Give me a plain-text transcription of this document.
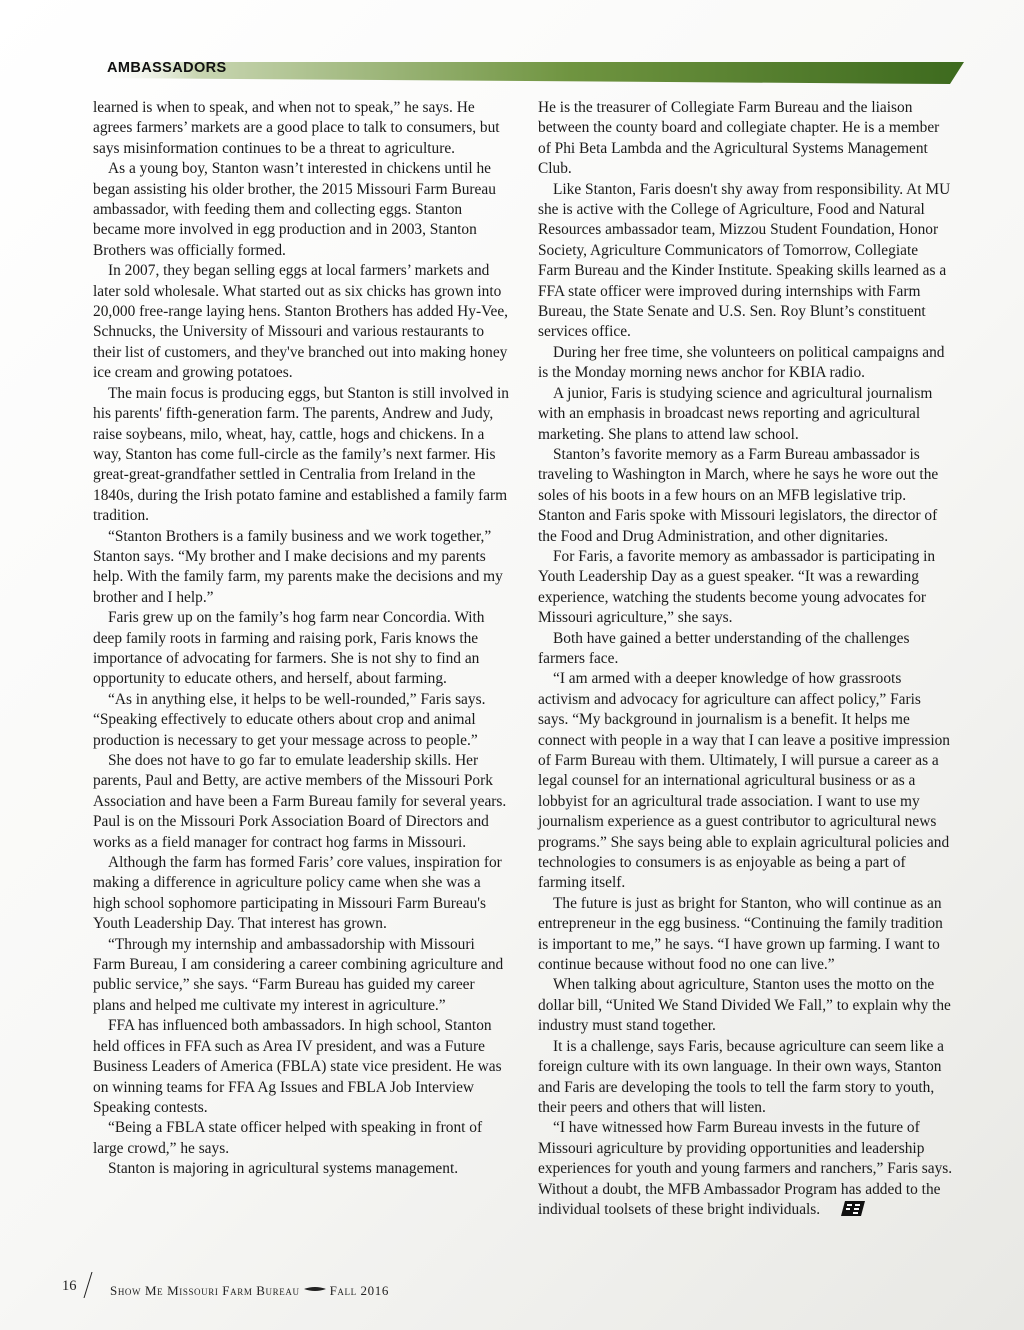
AMBASSADORS

learned is when to speak, and when not to speak,” he says. He agrees farmers’ markets are a good place to talk to consumers, but says misinformation continues to be a threat to agriculture.

As a young boy, Stanton wasn’t interested in chickens until he began assisting his older brother, the 2015 Missouri Farm Bureau ambassador, with feeding them and collecting eggs. Stanton became more involved in egg production and in 2003, Stanton Brothers was officially formed.

In 2007, they began selling eggs at local farmers’ markets and later sold wholesale. What started out as six chicks has grown into 20,000 free-range laying hens. Stanton Brothers has added Hy-Vee, Schnucks, the University of Missouri and various restaurants to their list of customers, and they've branched out into making honey ice cream and growing potatoes.

The main focus is producing eggs, but Stanton is still involved in his parents' fifth-generation farm. The parents, Andrew and Judy, raise soybeans, milo, wheat, hay, cattle, hogs and chickens. In a way, Stanton has come full-circle as the family’s next farmer. His great-great-grandfather settled in Centralia from Ireland in the 1840s, during the Irish potato famine and established a family farm tradition.

“Stanton Brothers is a family business and we work together,” Stanton says. “My brother and I make decisions and my parents help. With the family farm, my parents make the decisions and my brother and I help.”

Faris grew up on the family’s hog farm near Concordia. With deep family roots in farming and raising pork, Faris knows the importance of advocating for farmers. She is not shy to find an opportunity to educate others, and herself, about farming.

“As in anything else, it helps to be well-rounded,” Faris says. “Speaking effectively to educate others about crop and animal production is necessary to get your message across to people.”

She does not have to go far to emulate leadership skills. Her parents, Paul and Betty, are active members of the Missouri Pork Association and have been a Farm Bureau family for several years. Paul is on the Missouri Pork Association Board of Directors and works as a field manager for contract hog farms in Missouri.

Although the farm has formed Faris’ core values, inspiration for making a difference in agriculture policy came when she was a high school sophomore participating in Missouri Farm Bureau's Youth Leadership Day. That interest has grown.

“Through my internship and ambassadorship with Missouri Farm Bureau, I am considering a career combining agriculture and public service,” she says. “Farm Bureau has guided my career plans and helped me cultivate my interest in agriculture.”

FFA has influenced both ambassadors. In high school, Stanton held offices in FFA such as Area IV president, and was a Future Business Leaders of America (FBLA) state vice president. He was on winning teams for FFA Ag Issues and FBLA Job Interview Speaking contests.

“Being a FBLA state officer helped with speaking in front of large crowd,” he says.

Stanton is majoring in agricultural systems management.

He is the treasurer of Collegiate Farm Bureau and the liaison between the county board and collegiate chapter. He is a member of Phi Beta Lambda and the Agricultural Systems Management Club.

Like Stanton, Faris doesn't shy away from responsibility. At MU she is active with the College of Agriculture, Food and Natural Resources ambassador team, Mizzou Student Foundation, Honor Society, Agriculture Communicators of Tomorrow, Collegiate Farm Bureau and the Kinder Institute. Speaking skills learned as a FFA state officer were improved during internships with Farm Bureau, the State Senate and U.S. Sen. Roy Blunt’s constituent services office.

During her free time, she volunteers on political campaigns and is the Monday morning news anchor for KBIA radio.

A junior, Faris is studying science and agricultural journalism with an emphasis in broadcast news reporting and agricultural marketing. She plans to attend law school.

Stanton’s favorite memory as a Farm Bureau ambassador is traveling to Washington in March, where he says he wore out the soles of his boots in a few hours on an MFB legislative trip. Stanton and Faris spoke with Missouri legislators, the director of the Food and Drug Administration, and other dignitaries.

For Faris, a favorite memory as ambassador is participating in Youth Leadership Day as a guest speaker. “It was a rewarding experience, watching the students become young advocates for Missouri agriculture,” she says.

Both have gained a better understanding of the challenges farmers face.

“I am armed with a deeper knowledge of how grassroots activism and advocacy for agriculture can affect policy,” Faris says. “My background in journalism is a benefit. It helps me connect with people in a way that I can leave a positive impression of Farm Bureau with them. Ultimately, I will pursue a career as a legal counsel for an international agricultural business or as a lobbyist for an agricultural trade association. I want to use my journalism experience as a guest contributor to agricultural news programs.” She says being able to explain agricultural policies and technologies to consumers is as enjoyable as being a part of farming itself.

The future is just as bright for Stanton, who will continue as an entrepreneur in the egg business. “Continuing the family tradition is important to me,” he says. “I have grown up farming. I want to continue because without food no one can live.”

When talking about agriculture, Stanton uses the motto on the dollar bill, “United We Stand Divided We Fall,” to explain why the industry must stand together.

It is a challenge, says Faris, because agriculture can seem like a foreign culture with its own language. In their own ways, Stanton and Faris are developing the tools to tell the farm story to youth, their peers and others that will listen.

“I have witnessed how Farm Bureau invests in the future of Missouri agriculture by providing opportunities and leadership experiences for youth and young farmers and ranchers,” Faris says. Without a doubt, the MFB Ambassador Program has added to the individual toolsets of these bright individuals.

16	Show Me Missouri Farm Bureau Fall 2016
